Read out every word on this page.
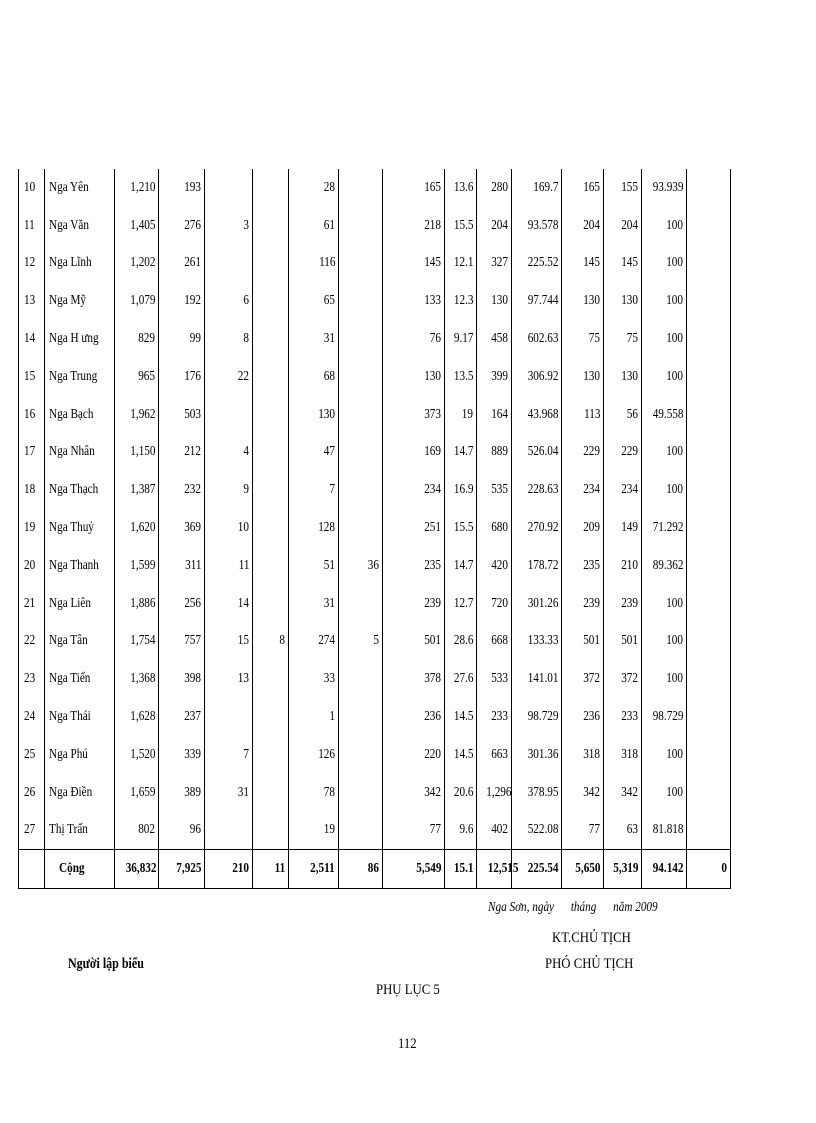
10	Nga Yên	1,210	193			28		165	13.6	280	169.7	165	155	93.939	
11	Nga Văn	1,405	276	3		61		218	15.5	204	93.578	204	204	100	
12	Nga Lĩnh	1,202	261			116		145	12.1	327	225.52	145	145	100	
13	Nga Mỹ	1,079	192	6		65		133	12.3	130	97.744	130	130	100	
14	Nga H ưng	829	99	8		31		76	9.17	458	602.63	75	75	100	
15	Nga Trung	965	176	22		68		130	13.5	399	306.92	130	130	100	
16	Nga Bạch	1,962	503			130		373	19	164	43.968	113	56	49.558	
17	Nga Nhân	1,150	212	4		47		169	14.7	889	526.04	229	229	100	
18	Nga Thạch	1,387	232	9		7		234	16.9	535	228.63	234	234	100	
19	Nga Thuỷ	1,620	369	10		128		251	15.5	680	270.92	209	149	71.292	
20	Nga Thanh	1,599	311	11		51	36	235	14.7	420	178.72	235	210	89.362	
21	Nga Liên	1,886	256	14		31		239	12.7	720	301.26	239	239	100	
22	Nga Tân	1,754	757	15	8	274	5	501	28.6	668	133.33	501	501	100	
23	Nga Tiến	1,368	398	13		33		378	27.6	533	141.01	372	372	100	
24	Nga Thái	1,628	237			1		236	14.5	233	98.729	236	233	98.729	
25	Nga Phú	1,520	339	7		126		220	14.5	663	301.36	318	318	100	
26	Nga Điền	1,659	389	31		78		342	20.6	1,296	378.95	342	342	100	
27	Thị Trấn	802	96			19		77	9.6	402	522.08	77	63	81.818	
	Cộng	36,832	7,925	210	11	2,511	86	5,549	15.1	12,515	225.54	5,650	5,319	94.142	0
Nga Sơn, ngày      tháng      năm 2009
KT.CHỦ TỊCH
PHÓ CHỦ TỊCH
Người lập biểu
PHỤ LỤC 5
112
